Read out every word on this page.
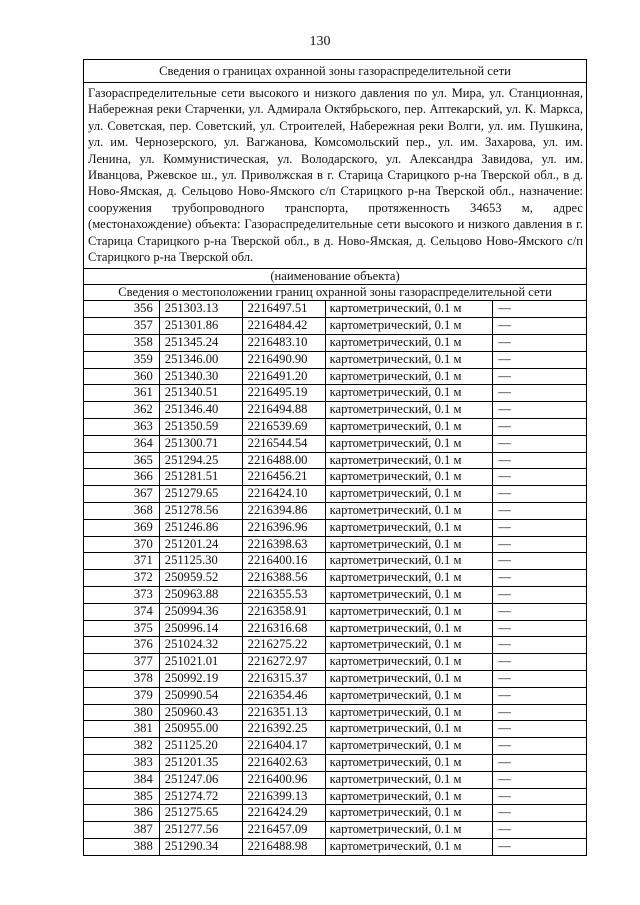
130
Сведения о границах охранной зоны газораспределительной сети				
Газораспределительные сети высокого и низкого давления по ул. Мира, ул. Станционная, Набережная реки Старченки, ул. Адмирала Октябрьского, пер. Аптекарский, ул. К. Маркса, ул. Советская, пер. Советский, ул. Строителей, Набережная реки Волги, ул. им. Пушкина, ул. им. Чернозерского, ул. Вагжанова, Комсомольский пер., ул. им. Захарова, ул. им. Ленина, ул. Коммунистическая, ул. Володарского, ул. Александра Завидова, ул. им. Иванцова, Ржевское ш., ул. Приволжская в г. Старица Старицкого р-на Тверской обл., в д. Ново-Ямская, д. Сельцово Ново-Ямского с/п Старицкого р-на Тверской обл., назначение: сооружения трубопроводного транспорта, протяженность 34653 м, адрес (местонахождение) объекта: Газораспределительные сети высокого и низкого давления в г. Старица Старицкого р-на Тверской обл., в д. Ново-Ямская, д. Сельцово Ново-Ямского с/п Старицкого р-на Тверской обл.				
(наименование объекта)				
Сведения о местоположении границ охранной зоны газораспределительной сети				
356	251303.13	2216497.51	картометрический, 0.1 м	—
357	251301.86	2216484.42	картометрический, 0.1 м	—
358	251345.24	2216483.10	картометрический, 0.1 м	—
359	251346.00	2216490.90	картометрический, 0.1 м	—
360	251340.30	2216491.20	картометрический, 0.1 м	—
361	251340.51	2216495.19	картометрический, 0.1 м	—
362	251346.40	2216494.88	картометрический, 0.1 м	—
363	251350.59	2216539.69	картометрический, 0.1 м	—
364	251300.71	2216544.54	картометрический, 0.1 м	—
365	251294.25	2216488.00	картометрический, 0.1 м	—
366	251281.51	2216456.21	картометрический, 0.1 м	—
367	251279.65	2216424.10	картометрический, 0.1 м	—
368	251278.56	2216394.86	картометрический, 0.1 м	—
369	251246.86	2216396.96	картометрический, 0.1 м	—
370	251201.24	2216398.63	картометрический, 0.1 м	—
371	251125.30	2216400.16	картометрический, 0.1 м	—
372	250959.52	2216388.56	картометрический, 0.1 м	—
373	250963.88	2216355.53	картометрический, 0.1 м	—
374	250994.36	2216358.91	картометрический, 0.1 м	—
375	250996.14	2216316.68	картометрический, 0.1 м	—
376	251024.32	2216275.22	картометрический, 0.1 м	—
377	251021.01	2216272.97	картометрический, 0.1 м	—
378	250992.19	2216315.37	картометрический, 0.1 м	—
379	250990.54	2216354.46	картометрический, 0.1 м	—
380	250960.43	2216351.13	картометрический, 0.1 м	—
381	250955.00	2216392.25	картометрический, 0.1 м	—
382	251125.20	2216404.17	картометрический, 0.1 м	—
383	251201.35	2216402.63	картометрический, 0.1 м	—
384	251247.06	2216400.96	картометрический, 0.1 м	—
385	251274.72	2216399.13	картометрический, 0.1 м	—
386	251275.65	2216424.29	картометрический, 0.1 м	—
387	251277.56	2216457.09	картометрический, 0.1 м	—
388	251290.34	2216488.98	картометрический, 0.1 м	—
